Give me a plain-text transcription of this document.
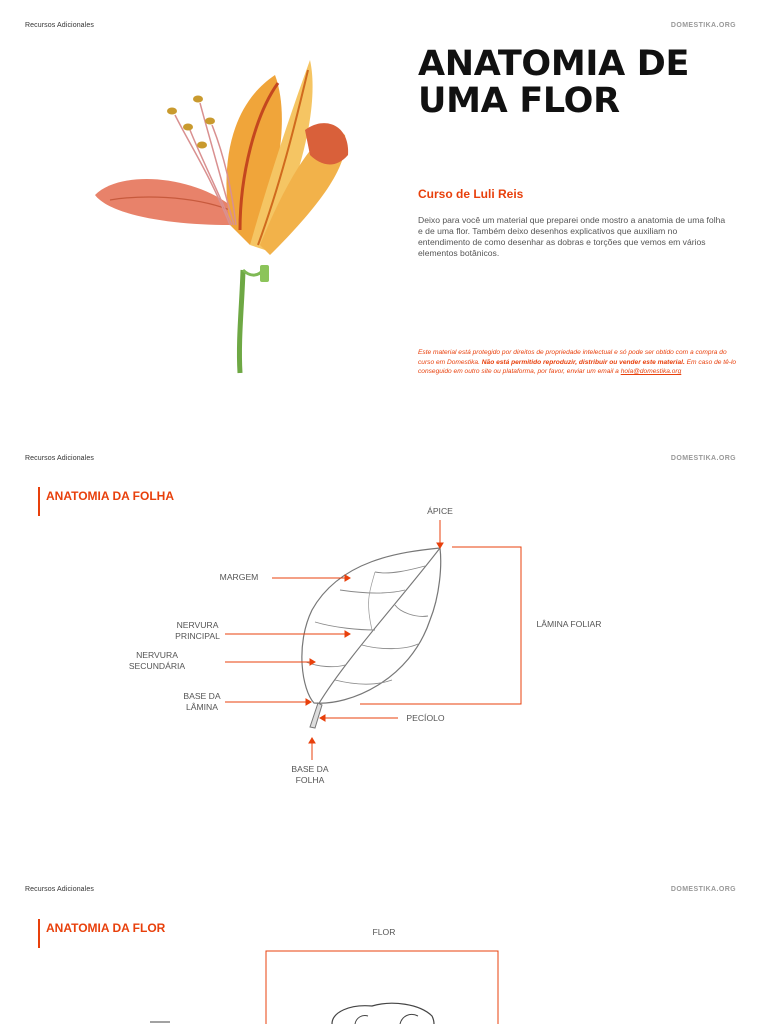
Recursos Adicionales	DOMESTIKA.ORG
ANATOMIA DE
UMA FLOR
Curso de Luli Reis
Deixo para você um material que preparei onde mostro a anatomia de uma folha e de uma flor. Também deixo desenhos explicativos que auxiliam no entendimento de como desenhar as dobras e torções que vemos em vários elementos botânicos.
Este material está protegido por direitos de propriedade intelectual e só pode ser obtido com a compra do curso em Domestika. Não está permitido reproduzir, distribuir ou vender este material. Em caso de tê-lo conseguido em outro site ou plataforma, por favor, enviar um email a hola@domestika.org
Recursos Adicionales	DOMESTIKA.ORG
ANATOMIA DA FOLHA
ÁPICE
MARGEM
NERVURA
PRINCIPAL
NERVURA
SECUNDÁRIA
BASE DA
LÂMINA
PECÍOLO
BASE DA
FOLHA
LÂMINA FOLIAR
Recursos Adicionales	DOMESTIKA.ORG
ANATOMIA DA FLOR	FLOR
